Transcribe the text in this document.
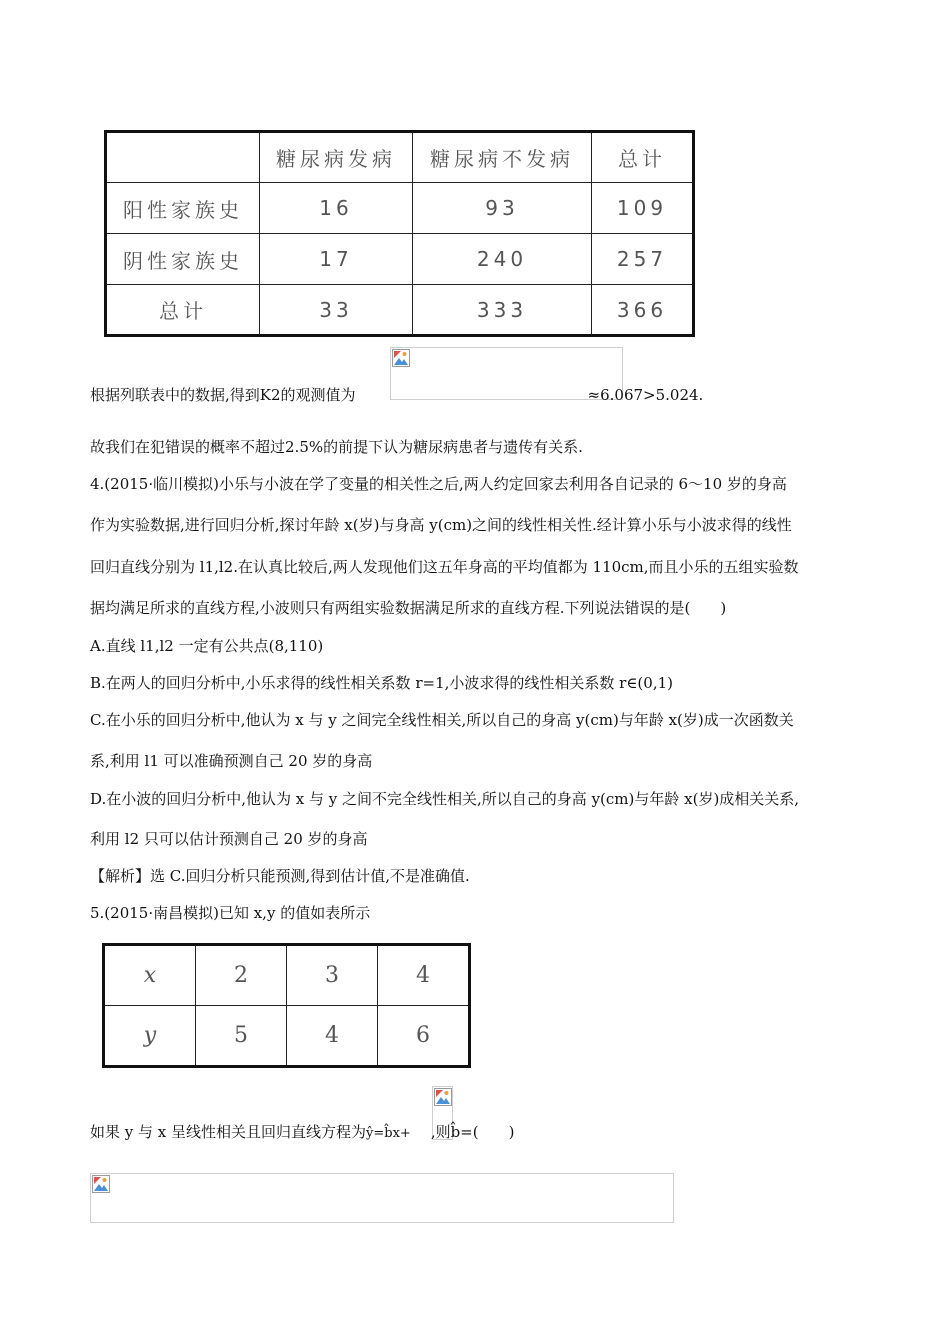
	糖尿病发病	糖尿病不发病	总计
阳性家族史	16	93	109
阴性家族史	17	240	257
总计	33	333	366
根据列联表中的数据,得到K2的观测值为	≈6.067>5.024.
故我们在犯错误的概率不超过2.5%的前提下认为糖尿病患者与遗传有关系.
4.(2015·临川模拟)小乐与小波在学了变量的相关性之后,两人约定回家去利用各自记录的 6～10 岁的身高
作为实验数据,进行回归分析,探讨年龄 x(岁)与身高 y(cm)之间的线性相关性.经计算小乐与小波求得的线性
回归直线分别为 l1,l2.在认真比较后,两人发现他们这五年身高的平均值都为 110cm,而且小乐的五组实验数
据均满足所求的直线方程,小波则只有两组实验数据满足所求的直线方程.下列说法错误的是(　　)
A.直线 l1,l2 一定有公共点(8,110)
B.在两人的回归分析中,小乐求得的线性相关系数 r=1,小波求得的线性相关系数 r∈(0,1)
C.在小乐的回归分析中,他认为 x 与 y 之间完全线性相关,所以自己的身高 y(cm)与年龄 x(岁)成一次函数关
系,利用 l1 可以准确预测自己 20 岁的身高
D.在小波的回归分析中,他认为 x 与 y 之间不完全线性相关,所以自己的身高 y(cm)与年龄 x(岁)成相关关系,
利用 l2 只可以估计预测自己 20 岁的身高
【解析】选 C.回归分析只能预测,得到估计值,不是准确值.
5.(2015·南昌模拟)已知 x,y 的值如表所示
x	2	3	4
y	5	4	6
如果 y 与 x 呈线性相关且回归直线方程为ŷ=b̂x+ ,则b̂=(　　)
